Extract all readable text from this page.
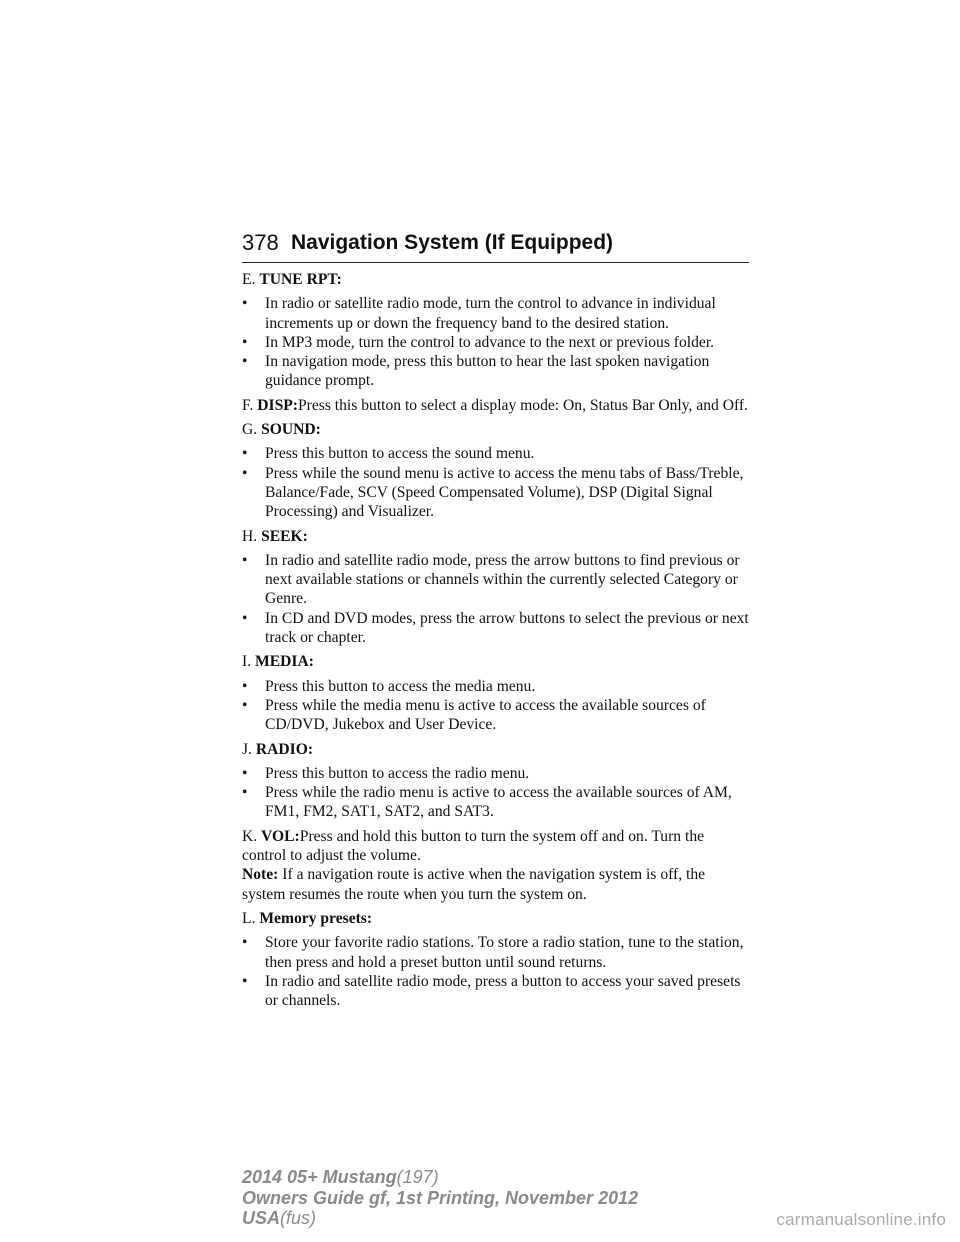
378 Navigation System (If Equipped)

E. TUNE RPT:

•	In radio or satellite radio mode, turn the control to advance in individual increments up or down the frequency band to the desired station.
•	In MP3 mode, turn the control to advance to the next or previous folder.
•	In navigation mode, press this button to hear the last spoken navigation guidance prompt.

F. DISP:Press this button to select a display mode: On, Status Bar Only, and Off.

G. SOUND:

•	Press this button to access the sound menu.
•	Press while the sound menu is active to access the menu tabs of Bass/Treble, Balance/Fade, SCV (Speed Compensated Volume), DSP (Digital Signal Processing) and Visualizer.

H. SEEK:

•	In radio and satellite radio mode, press the arrow buttons to find previous or next available stations or channels within the currently selected Category or Genre.
•	In CD and DVD modes, press the arrow buttons to select the previous or next track or chapter.

I. MEDIA:

•	Press this button to access the media menu.
•	Press while the media menu is active to access the available sources of CD/DVD, Jukebox and User Device.

J. RADIO:

•	Press this button to access the radio menu.
•	Press while the radio menu is active to access the available sources of AM, FM1, FM2, SAT1, SAT2, and SAT3.

K. VOL:Press and hold this button to turn the system off and on. Turn the control to adjust the volume.

Note: If a navigation route is active when the navigation system is off, the system resumes the route when you turn the system on.

L. Memory presets:

•	Store your favorite radio stations. To store a radio station, tune to the station, then press and hold a preset button until sound returns.
•	In radio and satellite radio mode, press a button to access your saved presets or channels.
2014 05+ Mustang(197)
Owners Guide gf, 1st Printing, November 2012
USA(fus)	carmanualsonline.info
